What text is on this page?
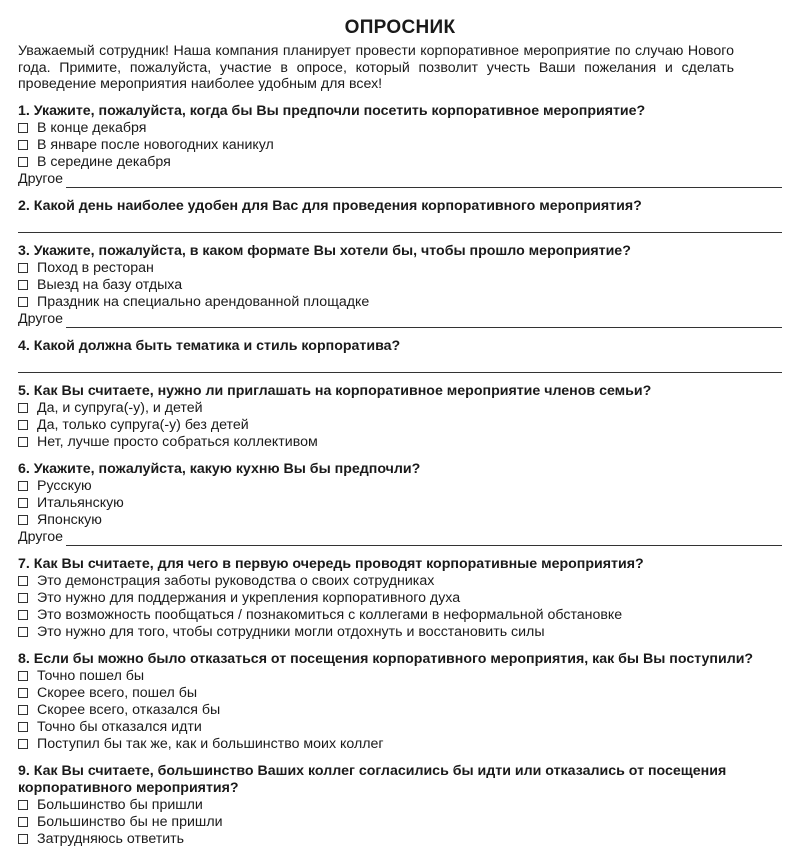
ОПРОСНИК

Уважаемый сотрудник! Наша компания планирует провести корпоративное мероприятие по случаю Нового года. Примите, пожалуйста, участие в опросе, который позволит учесть Ваши пожелания и сделать проведение мероприятия наиболее удобным для всех!

1. Укажите, пожалуйста, когда бы Вы предпочли посетить корпоративное мероприятие?
В конце декабря
В январе после новогодних каникул
В середине декабря
Другое
2. Какой день наиболее удобен для Вас для проведения корпоративного мероприятия?
3. Укажите, пожалуйста, в каком формате Вы хотели бы, чтобы прошло мероприятие?
Поход в ресторан
Выезд на базу отдыха
Праздник на специально арендованной площадке
Другое
4. Какой должна быть тематика и стиль корпоратива?
5. Как Вы считаете, нужно ли приглашать на корпоративное мероприятие членов семьи?
Да, и супруга(-у), и детей
Да, только супруга(-у) без детей
Нет, лучше просто собраться коллективом
6. Укажите, пожалуйста, какую кухню Вы бы предпочли?
Русскую
Итальянскую
Японскую
Другое
7. Как Вы считаете, для чего в первую очередь проводят корпоративные мероприятия?
Это демонстрация заботы руководства о своих сотрудниках
Это нужно для поддержания и укрепления корпоративного духа
Это возможность пообщаться / познакомиться с коллегами в неформальной обстановке
Это нужно для того, чтобы сотрудники могли отдохнуть и восстановить силы
8. Если бы можно было отказаться от посещения корпоративного мероприятия, как бы Вы поступили?
Точно пошел бы
Скорее всего, пошел бы
Скорее всего, отказался бы
Точно бы отказался идти
Поступил бы так же, как и большинство моих коллег
9. Как Вы считаете, большинство Ваших коллег согласились бы идти или отказались от посещения корпоративного мероприятия?
Большинство бы пришли
Большинство бы не пришли
Затрудняюсь ответить
